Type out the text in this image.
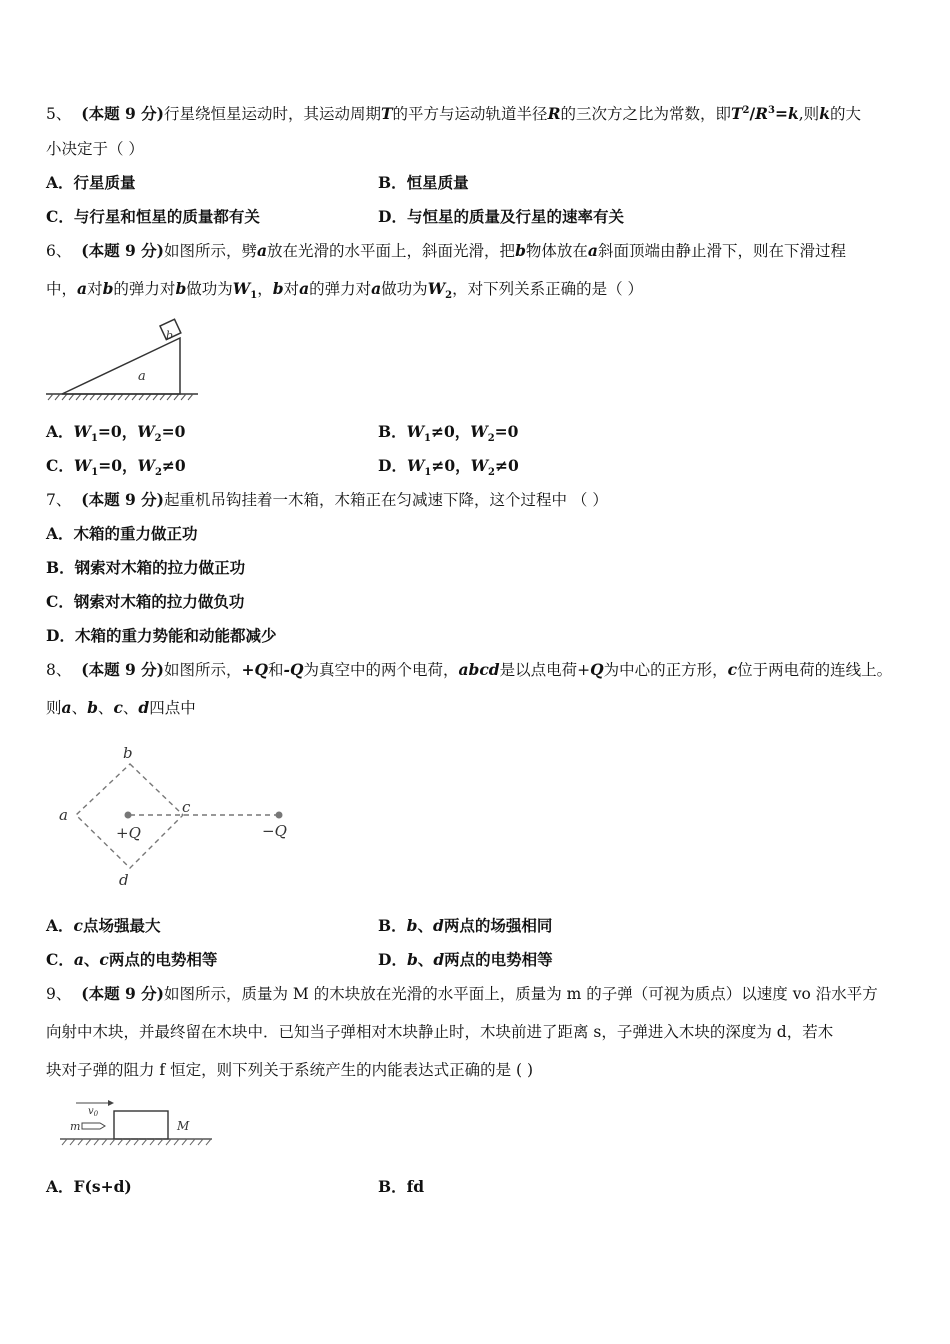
5、 (本题 9 分)行星绕恒星运动时，其运动周期T的平方与运动轨道半径R的三次方之比为常数，即$T^2/R^3=k$,则k的大
小决定于（ ）
A．行星质量	B．恒星质量
C．与行星和恒星的质量都有关	D．与恒星的质量及行星的速率有关
6、 (本题 9 分)如图所示，劈a放在光滑的水平面上，斜面光滑，把b物体放在a斜面顶端由静止滑下，则在下滑过程
中，a对b的弹力对b做功为$W_1$，b对a的弹力对a做功为$W_2$，对下列关系正确的是（ ）
b
a
A．$W_1=0$，$W_2=0$	B．$W_1\ne 0$，$W_2=0$
C．$W_1=0$，$W_2\ne 0$	D．$W_1\ne 0$，$W_2\ne 0$
7、 (本题 9 分)起重机吊钩挂着一木箱，木箱正在匀减速下降，这个过程中 （ ）
A．木箱的重力做正功
B．钢索对木箱的拉力做正功
C．钢索对木箱的拉力做负功
D．木箱的重力势能和动能都减少
8、 (本题 9 分)如图所示，+Q和-Q为真空中的两个电荷，abcd是以点电荷+Q为中心的正方形，c位于两电荷的连线上。
则a、b、c、d四点中
b
a	c
d
+Q	−Q
A．c点场强最大	B．b、d两点的场强相同
C．a、c两点的电势相等	D．b、d两点的电势相等
9、 (本题 9 分)如图所示，质量为 M 的木块放在光滑的水平面上，质量为 m 的子弹（可视为质点）以速度 vo 沿水平方
向射中木块，并最终留在木块中．已知当子弹相对木块静止时，木块前进了距离 s，子弹进入木块的深度为 d，若木
块对子弹的阻力 f 恒定，则下列关于系统产生的内能表达式正确的是 ( )
$v_0$
m	M
A．F(s+d)	B．fd
